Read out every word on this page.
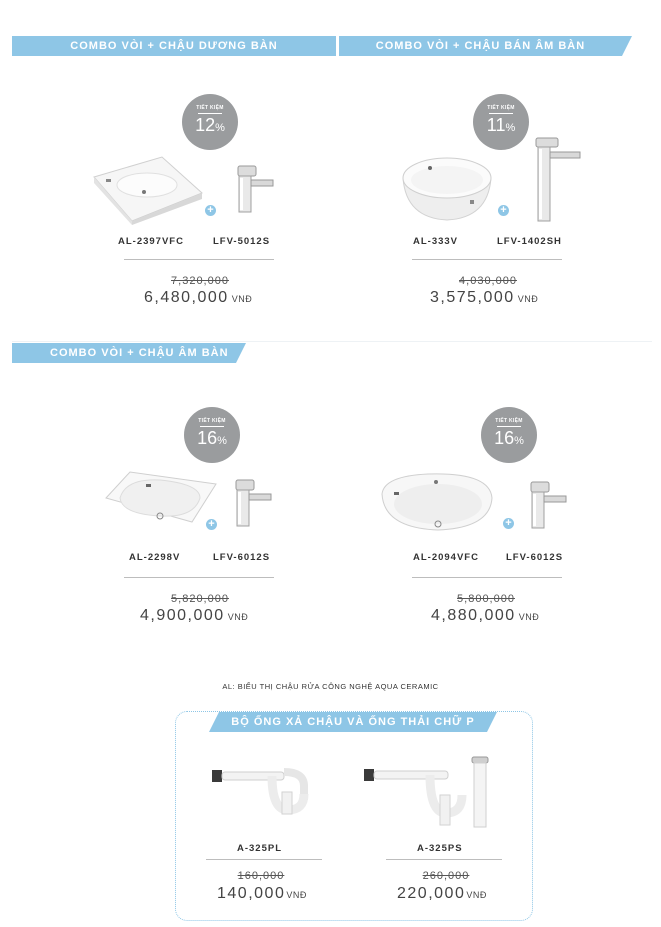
COMBO VÒI + CHẬU DƯƠNG BÀN	COMBO VÒI + CHẬU BÁN ÂM BÀN
COMBO VÒI + CHẬU ÂM BÀN
TIẾT KIỆM
12%
+
AL-2397VFC	LFV-5012S
7,320,000
6,480,000 VNĐ
TIẾT KIỆM
11%
+
AL-333V	LFV-1402SH
4,030,000
3,575,000 VNĐ
TIẾT KIỆM
16%
+
AL-2298V	LFV-6012S
5,820,000
4,900,000 VNĐ
TIẾT KIỆM
16%
+
AL-2094VFC	LFV-6012S
5,800,000
4,880,000 VNĐ
AL: BIỂU THỊ CHẬU RỬA CÔNG NGHỆ AQUA CERAMIC
BỘ ỐNG XẢ CHẬU VÀ ỐNG THẢI CHỮ P
A-325PL	A-325PS
160,000	260,000
140,000VNĐ	220,000VNĐ
